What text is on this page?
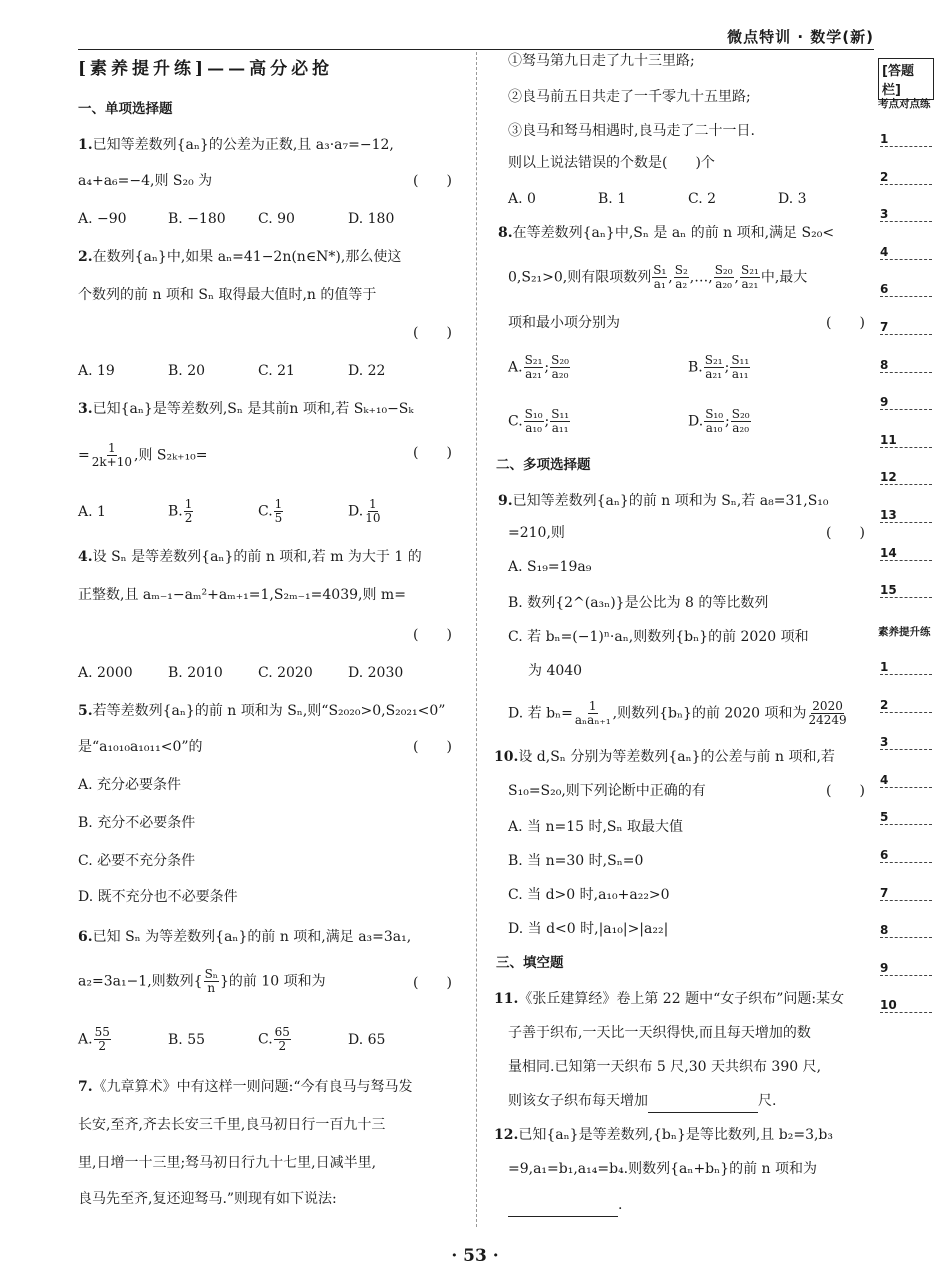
微点特训 · 数学(新)
[素养提升练]——高分必抢
一、单项选择题
1.已知等差数列{aₙ}的公差为正数,且 a₃·a₇=−12,
a₄+a₆=−4,则 S₂₀ 为	(　　)
A. −90	B. −180 C. 90	D. 180
2.在数列{aₙ}中,如果 aₙ=41−2n(n∈N*),那么使这
个数列的前 n 项和 Sₙ 取得最大值时,n 的值等于
(　　)
A. 19	B. 20	C. 21	D. 22
3.已知{aₙ}是等差数列,Sₙ 是其前n 项和,若 Sₖ₊₁₀−Sₖ
= $\frac{1}{2k+10}$ ,则 S₂ₖ₊₁₀=	(　　)
A. 1	B. $\frac{1}{2}$	C. $\frac{1}{5}$	D. $\frac{1}{10}$
4.设 Sₙ 是等差数列{aₙ}的前 n 项和,若 m 为大于 1 的
正整数,且 aₘ₋₁−aₘ²+aₘ₊₁=1,S₂ₘ₋₁=4039,则 m=
(　　)
A. 2000	B. 2010	C. 2020	D. 2030
5.若等差数列{aₙ}的前 n 项和为 Sₙ,则“S₂₀₂₀>0,S₂₀₂₁<0”
是“a₁₀₁₀a₁₀₁₁<0”的	(　　)
A. 充分必要条件
B. 充分不必要条件
C. 必要不充分条件
D. 既不充分也不必要条件
6.已知 Sₙ 为等差数列{aₙ}的前 n 项和,满足 a₃=3a₁,
a₂=3a₁−1,则数列{ $\frac{\text{Sₙ}}{n}$ }的前 10 项和为	(　　)
A. $\frac{55}{2}$	B. 55	C. $\frac{65}{2}$	D. 65
7.《九章算术》中有这样一则问题:“今有良马与驽马发
长安,至齐,齐去长安三千里,良马初日行一百九十三
里,日增一十三里;驽马初日行九十七里,日减半里,
良马先至齐,复还迎驽马.”则现有如下说法:
①驽马第九日走了九十三里路;
②良马前五日共走了一千零九十五里路;
③良马和驽马相遇时,良马走了二十一日.
则以上说法错误的个数是(　　)个
A. 0	B. 1	C. 2	D. 3
8.在等差数列{aₙ}中,Sₙ 是 aₙ 的前 n 项和,满足 S₂₀<
0,S₂₁>0,则有限项数列 $\frac{\text{S₁}}{\text{a₁}}$ , $\frac{\text{S₂}}{\text{a₂}}$ ,…, $\frac{\text{S₂₀}}{\text{a₂₀}}$ , $\frac{\text{S₂₁}}{\text{a₂₁}}$ 中,最大
项和最小项分别为	(　　)
A. $\frac{\text{S₂₁}}{\text{a₂₁}}$ ; $\frac{\text{S₂₀}}{\text{a₂₀}}$	B. $\frac{\text{S₂₁}}{\text{a₂₁}}$ ; $\frac{\text{S₁₁}}{\text{a₁₁}}$
C. $\frac{\text{S₁₀}}{\text{a₁₀}}$ ; $\frac{\text{S₁₁}}{\text{a₁₁}}$	D. $\frac{\text{S₁₀}}{\text{a₁₀}}$ ; $\frac{\text{S₂₀}}{\text{a₂₀}}$
二、多项选择题
9.已知等差数列{aₙ}的前 n 项和为 Sₙ,若 a₈=31,S₁₀
=210,则	(　　)
A. S₁₉=19a₉
B. 数列{2^(a₃ₙ)}是公比为 8 的等比数列
C. 若 bₙ=(−1)ⁿ·aₙ,则数列{bₙ}的前 2020 项和
为 4040
D. 若 $b_n= \frac{1}{\text{aₙaₙ₊₁}}$ ,则数列{bₙ}的前 2020 项和为 $\frac{2020}{24249}$
10.设 d,Sₙ 分别为等差数列{aₙ}的公差与前 n 项和,若
S₁₀=S₂₀,则下列论断中正确的有	(　　)
A. 当 n=15 时,Sₙ 取最大值
B. 当 n=30 时,Sₙ=0
C. 当 d>0 时,a₁₀+a₂₂>0
D. 当 d<0 时,|a₁₀|>|a₂₂|
三、填空题
11.《张丘建算经》卷上第 22 题中“女子织布”问题:某女
子善于织布,一天比一天织得快,而且每天增加的数
量相同.已知第一天织布 5 尺,30 天共织布 390 尺,
则该女子织布每天增加	尺.
12.已知{aₙ}是等差数列,{bₙ}是等比数列,且 b₂=3,b₃
=9,a₁=b₁,a₁₄=b₄.则数列{aₙ+bₙ}的前 n 项和为
.
[答题栏]
考点对点练
1
2
3
4
6
7
8
9
11
12
13
14
15
素养提升练
1
2
3
4
5
6
7
8
9
10
· 53 ·
